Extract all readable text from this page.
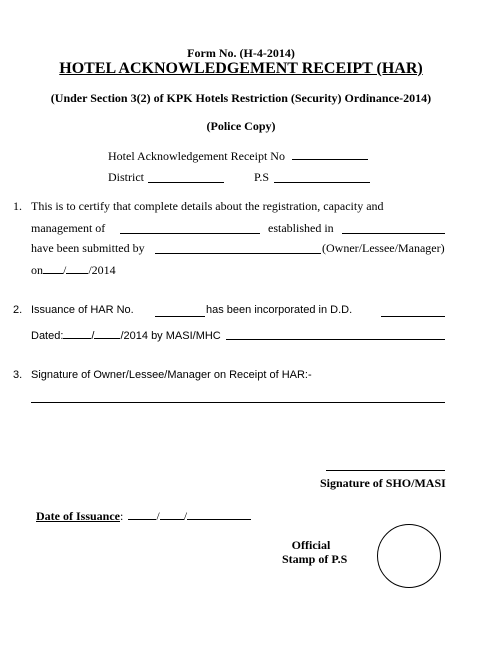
Form No. (H-4-2014)
HOTEL ACKNOWLEDGEMENT RECEIPT (HAR)
(Under Section 3(2) of KPK Hotels Restriction (Security) Ordinance-2014)
(Police Copy)
Hotel Acknowledgement Receipt No
District	P.S
1. This is to certify that complete details about the registration, capacity and
management of	established in
have been submitted by	(Owner/Lessee/Manager)
on / /2014
2. Issuance of HAR No.	has been incorporated in D.D.
Dated:	/ /2014 by MASI/MHC
3. Signature of Owner/Lessee/Manager on Receipt of HAR:-
Signature of SHO/MASI
Date of Issuance:	/ /
Official
Stamp of P.S
